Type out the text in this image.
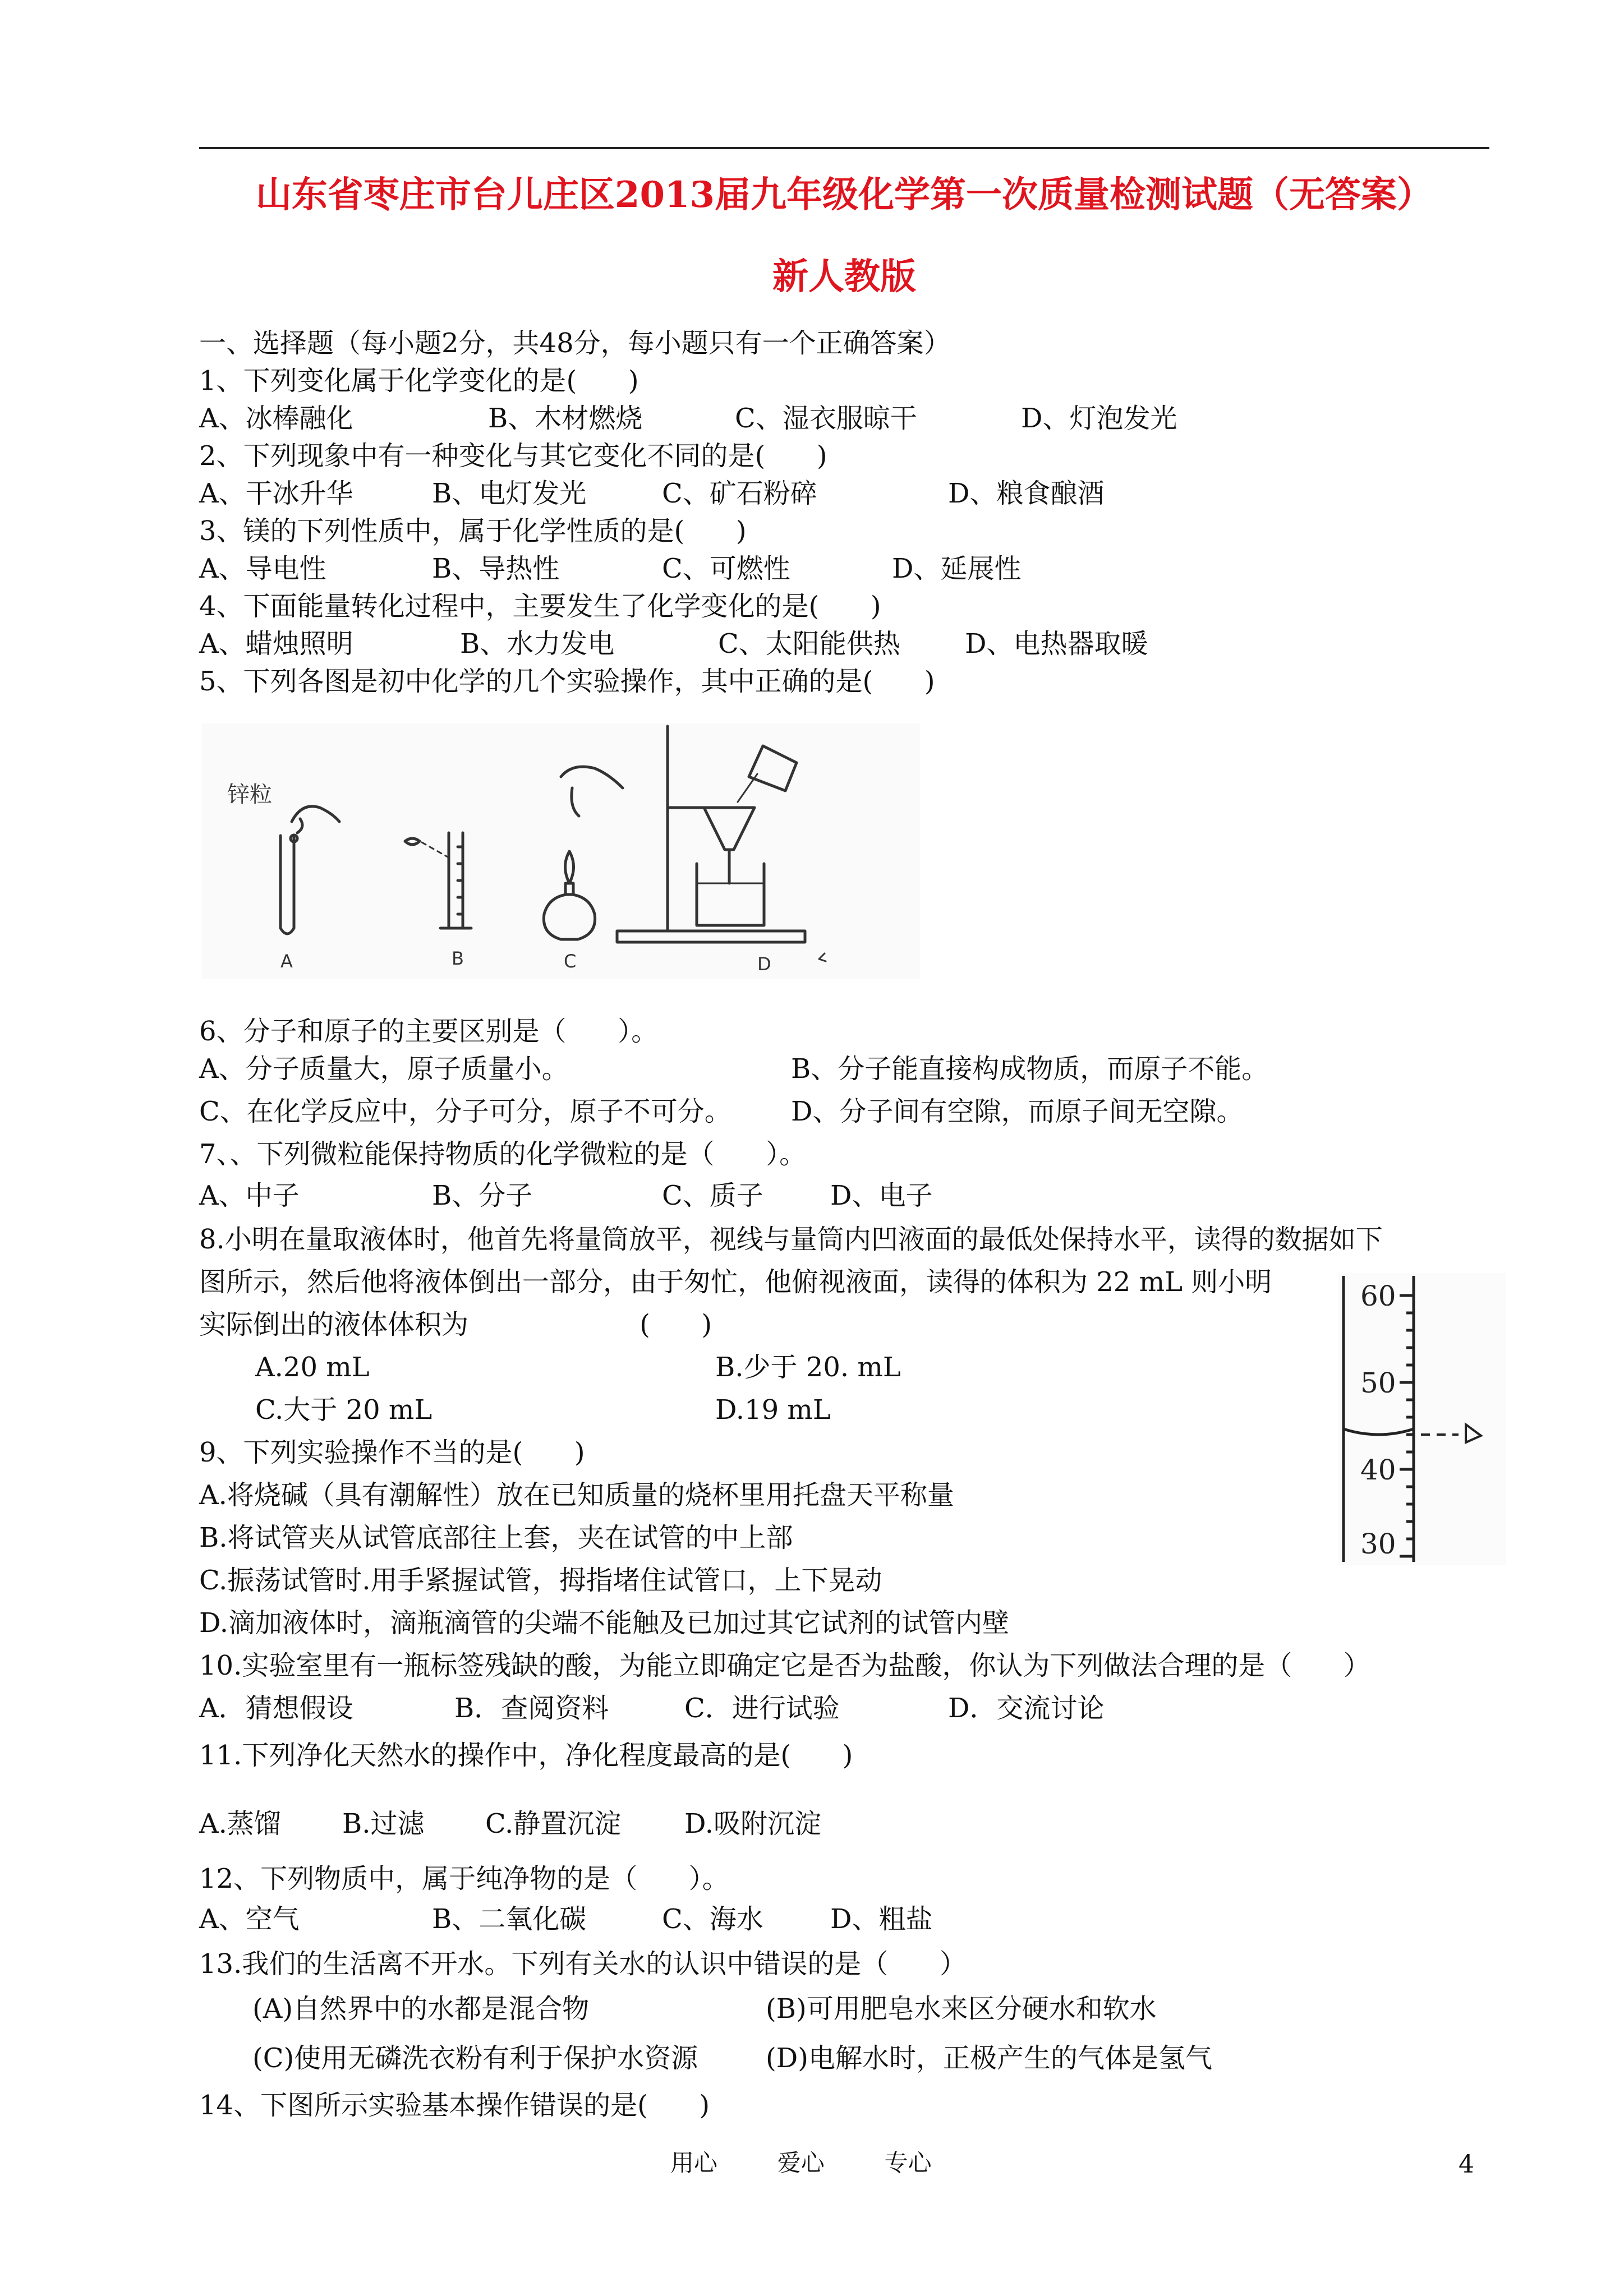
山东省枣庄市台儿庄区2013届九年级化学第一次质量检测试题（无答案）
新人教版
一、选择题（每小题2分，共48分，每小题只有一个正确答案）
1、下列变化属于化学变化的是(      )
A、冰棒融化	B、木材燃烧	C、湿衣服晾干	D、灯泡发光
2、下列现象中有一种变化与其它变化不同的是(      )
A、干冰升华	B、电灯发光	C、矿石粉碎	D、粮食酿酒
3、镁的下列性质中，属于化学性质的是(      )
A、导电性	B、导热性	C、可燃性	D、延展性
4、下面能量转化过程中，主要发生了化学变化的是(      )
A、蜡烛照明	B、水力发电	C、太阳能供热 D、电热器取暖
5、下列各图是初中化学的几个实验操作，其中正确的是(      )
锌粒
A	B	C	D
6、分子和原子的主要区别是（      ）。
A、分子质量大，原子质量小。	B、分子能直接构成物质，而原子不能。
C、在化学反应中，分子可分，原子不可分。 D、分子间有空隙，而原子间无空隙。
7、、下列微粒能保持物质的化学微粒的是（      ）。
A、中子	B、分子	C、质子 D、电子
8.小明在量取液体时，他首先将量筒放平，视线与量筒内凹液面的最低处保持水平，读得的数据如下
图所示，然后他将液体倒出一部分，由于匆忙，他俯视液面，读得的体积为 22 mL 则小明
实际倒出的液体体积为                    (      )
A.20 mL	B.少于 20. mL
C.大于 20 mL	D.19 mL
60
50
40
30
9、下列实验操作不当的是(      )
A.将烧碱（具有潮解性）放在已知质量的烧杯里用托盘天平称量
B.将试管夹从试管底部往上套，夹在试管的中上部
C.振荡试管时.用手紧握试管，拇指堵住试管口，上下晃动
D.滴加液体时，滴瓶滴管的尖端不能触及已加过其它试剂的试管内壁
10.实验室里有一瓶标签残缺的酸，为能立即确定它是否为盐酸，你认为下列做法合理的是（      ）
A．猜想假设	B．查阅资料	C．进行试验	D．交流讨论
11.下列净化天然水的操作中，净化程度最高的是(      )
A.蒸馏 B.过滤 C.静置沉淀 D.吸附沉淀
12、下列物质中，属于纯净物的是（      ）。
A、空气	B、二氧化碳	C、海水 D、粗盐
13.我们的生活离不开水。下列有关水的认识中错误的是（      ）
(A)自然界中的水都是混合物	(B)可用肥皂水来区分硬水和软水
(C)使用无磷洗衣粉有利于保护水资源	(D)电解水时，正极产生的气体是氢气
14、下图所示实验基本操作错误的是(      )
用心        爱心        专心	4
